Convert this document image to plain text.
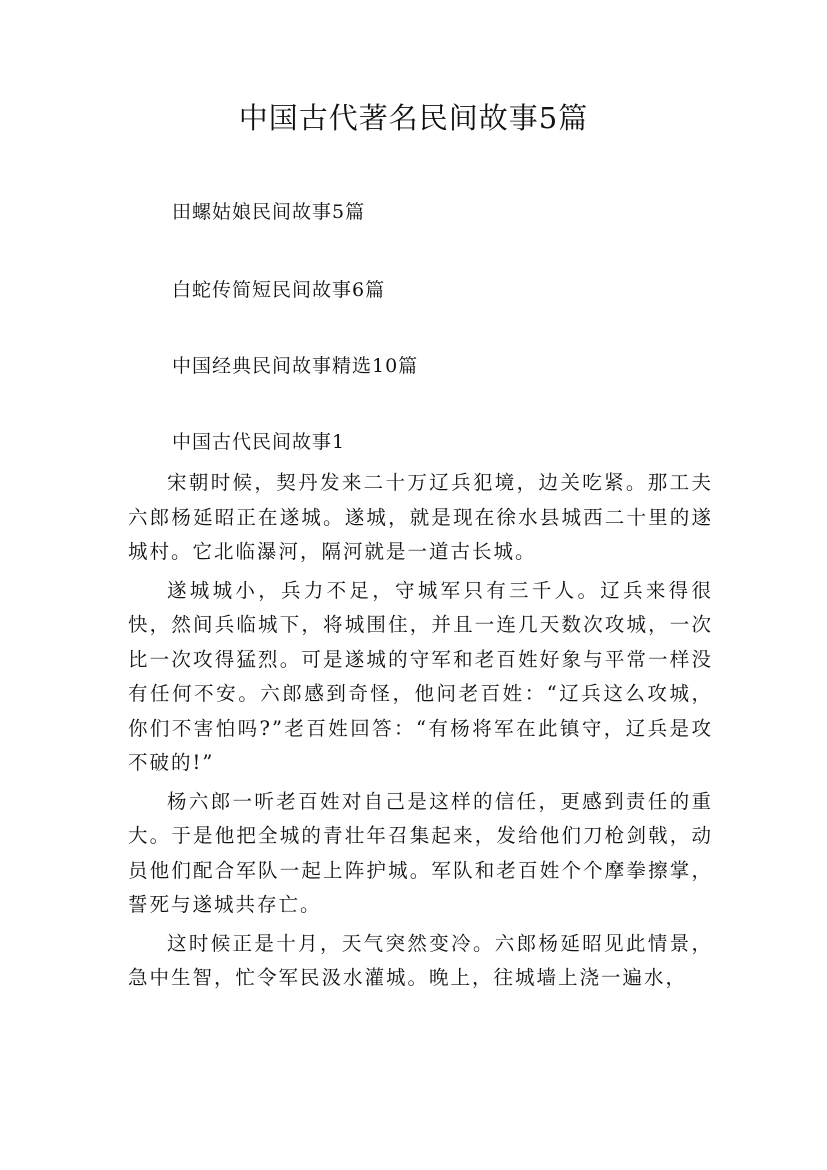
中国古代著名民间故事5篇
田螺姑娘民间故事5篇
白蛇传简短民间故事6篇
中国经典民间故事精选10篇
中国古代民间故事1

宋朝时候，契丹发来二十万辽兵犯境，边关吃紧。那工夫六郎杨延昭正在遂城。遂城，就是现在徐水县城西二十里的遂城村。它北临瀑河，隔河就是一道古长城。

遂城城小，兵力不足，守城军只有三千人。辽兵来得很快，然间兵临城下，将城围住，并且一连几天数次攻城，一次比一次攻得猛烈。可是遂城的守军和老百姓好象与平常一样没有任何不安。六郎感到奇怪，他问老百姓：“辽兵这么攻城，你们不害怕吗?”老百姓回答：“有杨将军在此镇守，辽兵是攻不破的!”

杨六郎一听老百姓对自己是这样的信任，更感到责任的重大。于是他把全城的青壮年召集起来，发给他们刀枪剑戟，动员他们配合军队一起上阵护城。军队和老百姓个个摩拳擦掌，誓死与遂城共存亡。

这时候正是十月，天气突然变冷。六郎杨延昭见此情景，急中生智，忙令军民汲水灌城。晚上，往城墙上浇一遍水，
